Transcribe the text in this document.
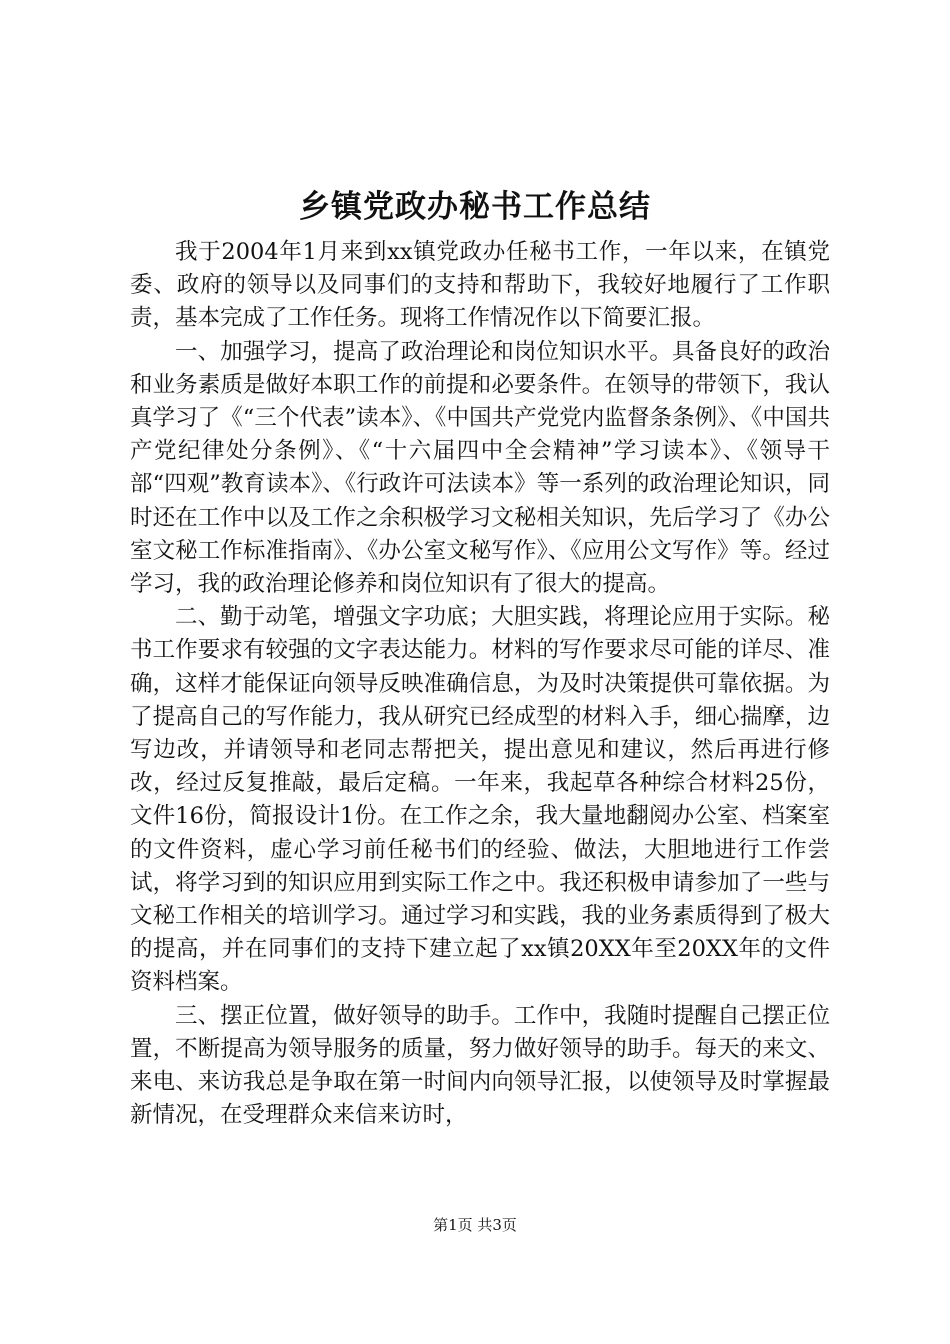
乡镇党政办秘书工作总结

我于2004年1月来到xx镇党政办任秘书工作，一年以来，在镇党委、政府的领导以及同事们的支持和帮助下，我较好地履行了工作职责，基本完成了工作任务。现将工作情况作以下简要汇报。

一、加强学习，提高了政治理论和岗位知识水平。具备良好的政治和业务素质是做好本职工作的前提和必要条件。在领导的带领下，我认真学习了《“三个代表”读本》、《中国共产党党内监督条条例》、《中国共产党纪律处分条例》、《“十六届四中全会精神”学习读本》、《领导干部“四观”教育读本》、《行政许可法读本》等一系列的政治理论知识，同时还在工作中以及工作之余积极学习文秘相关知识，先后学习了《办公室文秘工作标准指南》、《办公室文秘写作》、《应用公文写作》等。经过学习，我的政治理论修养和岗位知识有了很大的提高。

二、勤于动笔，增强文字功底；大胆实践，将理论应用于实际。秘书工作要求有较强的文字表达能力。材料的写作要求尽可能的详尽、准确，这样才能保证向领导反映准确信息，为及时决策提供可靠依据。为了提高自己的写作能力，我从研究已经成型的材料入手，细心揣摩，边写边改，并请领导和老同志帮把关，提出意见和建议，然后再进行修改，经过反复推敲，最后定稿。一年来，我起草各种综合材料25份，文件16份，简报设计1份。在工作之余，我大量地翻阅办公室、档案室的文件资料，虚心学习前任秘书们的经验、做法，大胆地进行工作尝试，将学习到的知识应用到实际工作之中。我还积极申请参加了一些与文秘工作相关的培训学习。通过学习和实践，我的业务素质得到了极大的提高，并在同事们的支持下建立起了xx镇20XX年至20XX年的文件资料档案。

三、摆正位置，做好领导的助手。工作中，我随时提醒自己摆正位置，不断提高为领导服务的质量，努力做好领导的助手。每天的来文、来电、来访我总是争取在第一时间内向领导汇报，以使领导及时掌握最新情况，在受理群众来信来访时，

第1页 共3页
